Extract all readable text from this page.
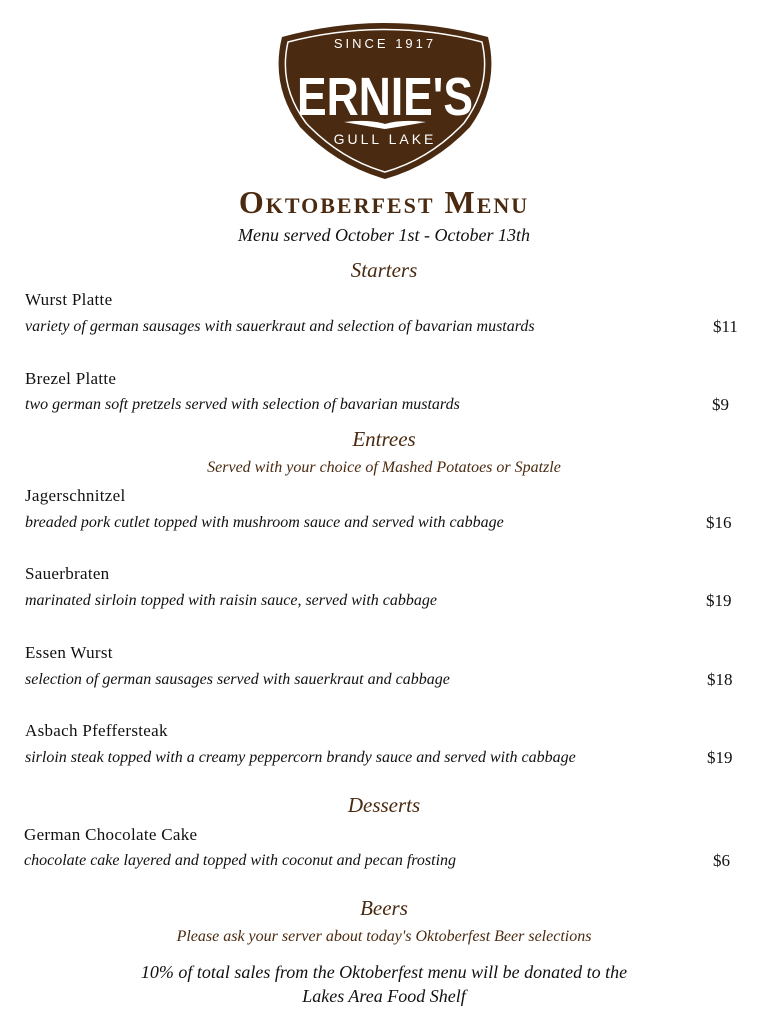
SINCE 1917
ERNIE'S
GULL LAKE
Oktoberfest Menu
Menu served October 1st - October 13th
Starters
Wurst Platte
variety of german sausages with sauerkraut and selection of bavarian mustards	$11
Brezel Platte
two german soft pretzels served with selection of bavarian mustards	$9
Entrees
Served with your choice of Mashed Potatoes or Spatzle
Jagerschnitzel
breaded pork cutlet topped with mushroom sauce and served with cabbage	$16
Sauerbraten
marinated sirloin topped with raisin sauce, served with cabbage	$19
Essen Wurst
selection of german sausages served with sauerkraut and cabbage	$18
Asbach Pfeffersteak
sirloin steak topped with a creamy peppercorn brandy sauce and served with cabbage	$19
Desserts
German Chocolate Cake
chocolate cake layered and topped with coconut and pecan frosting	$6
Beers
Please ask your server about today's Oktoberfest Beer selections
10% of total sales from the Oktoberfest menu will be donated to the
Lakes Area Food Shelf
